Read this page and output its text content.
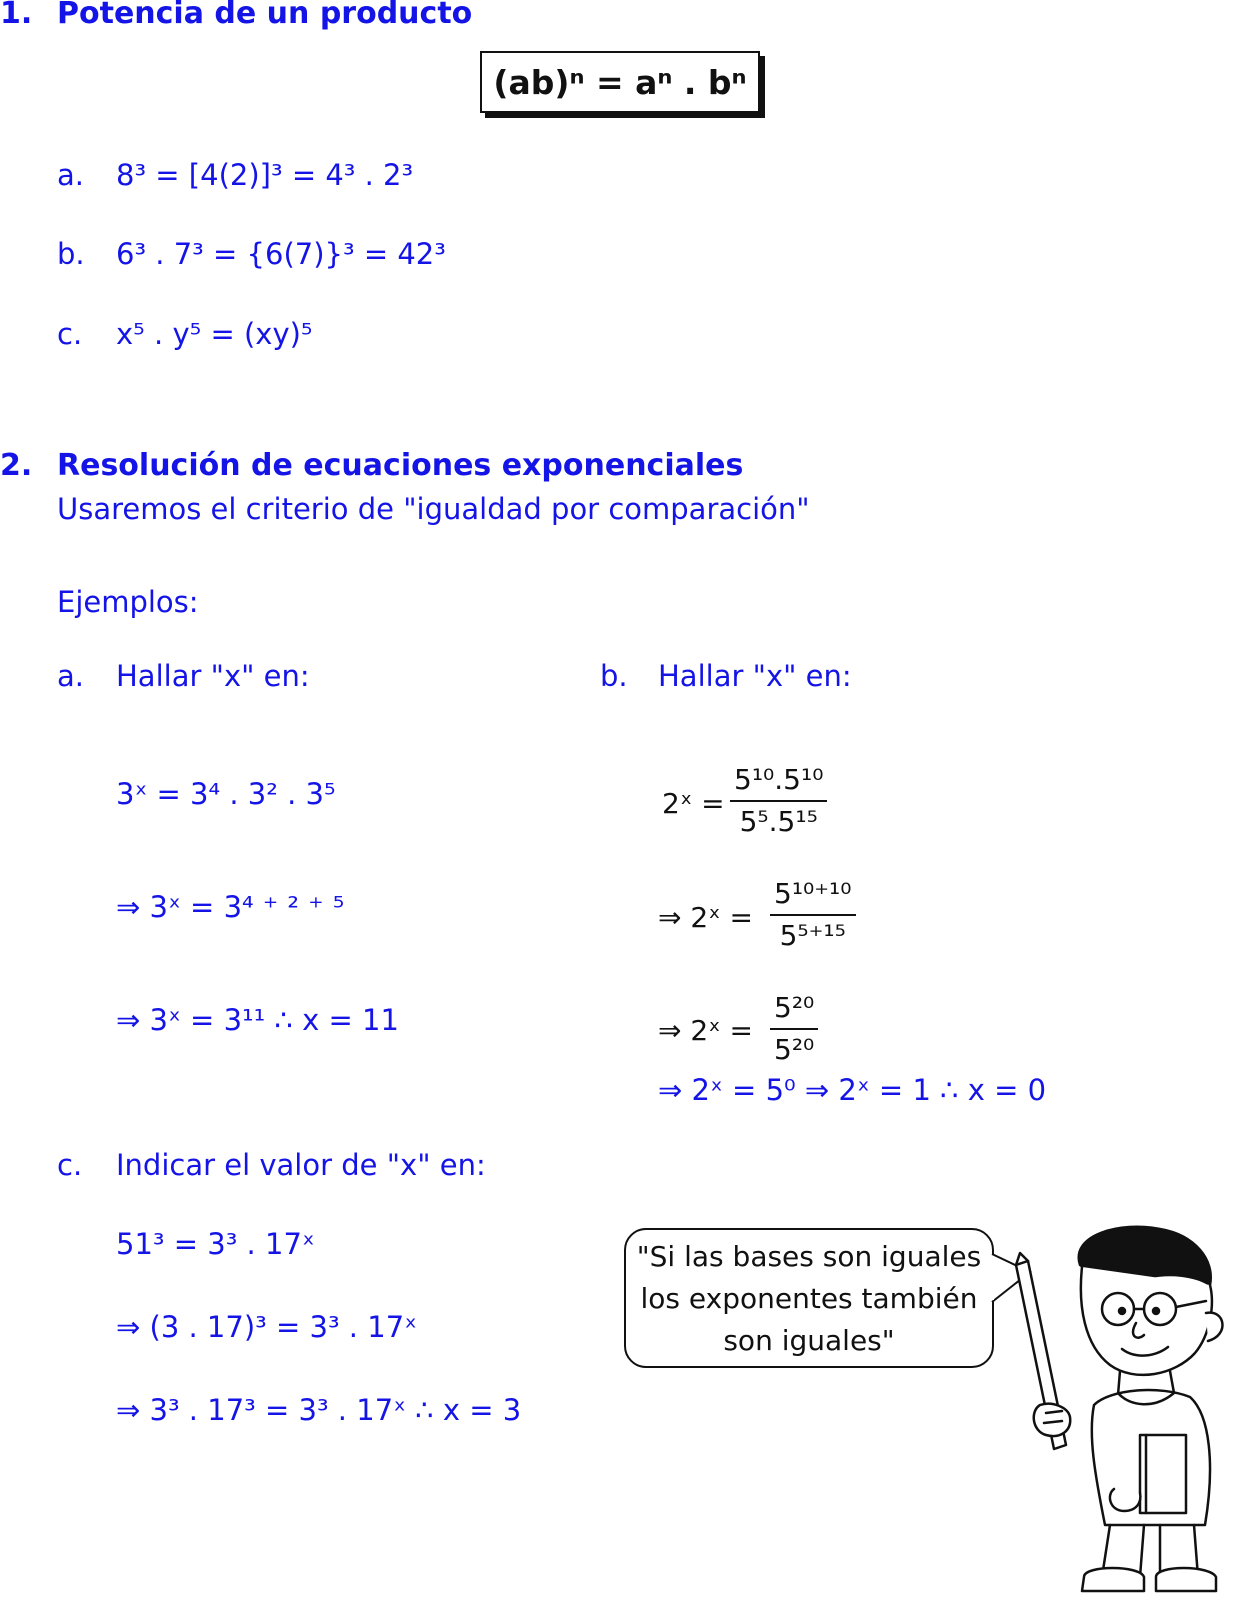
1. Potencia de un producto
(ab)ⁿ = aⁿ . bⁿ
a. 8³ = [4(2)]³ = 4³ . 2³
b. 6³ . 7³ = {6(7)}³ = 42³
c. x⁵ . y⁵ = (xy)⁵
2. Resolución de ecuaciones exponenciales
Usaremos el criterio de "igualdad por comparación"
Ejemplos:
a. Hallar "x" en:
3ˣ = 3⁴ . 3² . 3⁵
⇒ 3ˣ = 3⁴ ⁺ ² ⁺ ⁵
⇒ 3ˣ = 3¹¹ ∴ x = 11
b. Hallar "x" en:
2ˣ =
5¹⁰.5¹⁰
5⁵.5¹⁵
⇒ 2ˣ =
5¹⁰⁺¹⁰
5⁵⁺¹⁵
⇒ 2ˣ =
5²⁰
5²⁰
⇒ 2ˣ = 5⁰ ⇒ 2ˣ = 1 ∴ x = 0
c. Indicar el valor de "x" en:
51³ = 3³ . 17ˣ
⇒ (3 . 17)³ = 3³ . 17ˣ
⇒ 3³ . 17³ = 3³ . 17ˣ ∴ x = 3
"Si las bases son iguales
los exponentes también
son iguales"
